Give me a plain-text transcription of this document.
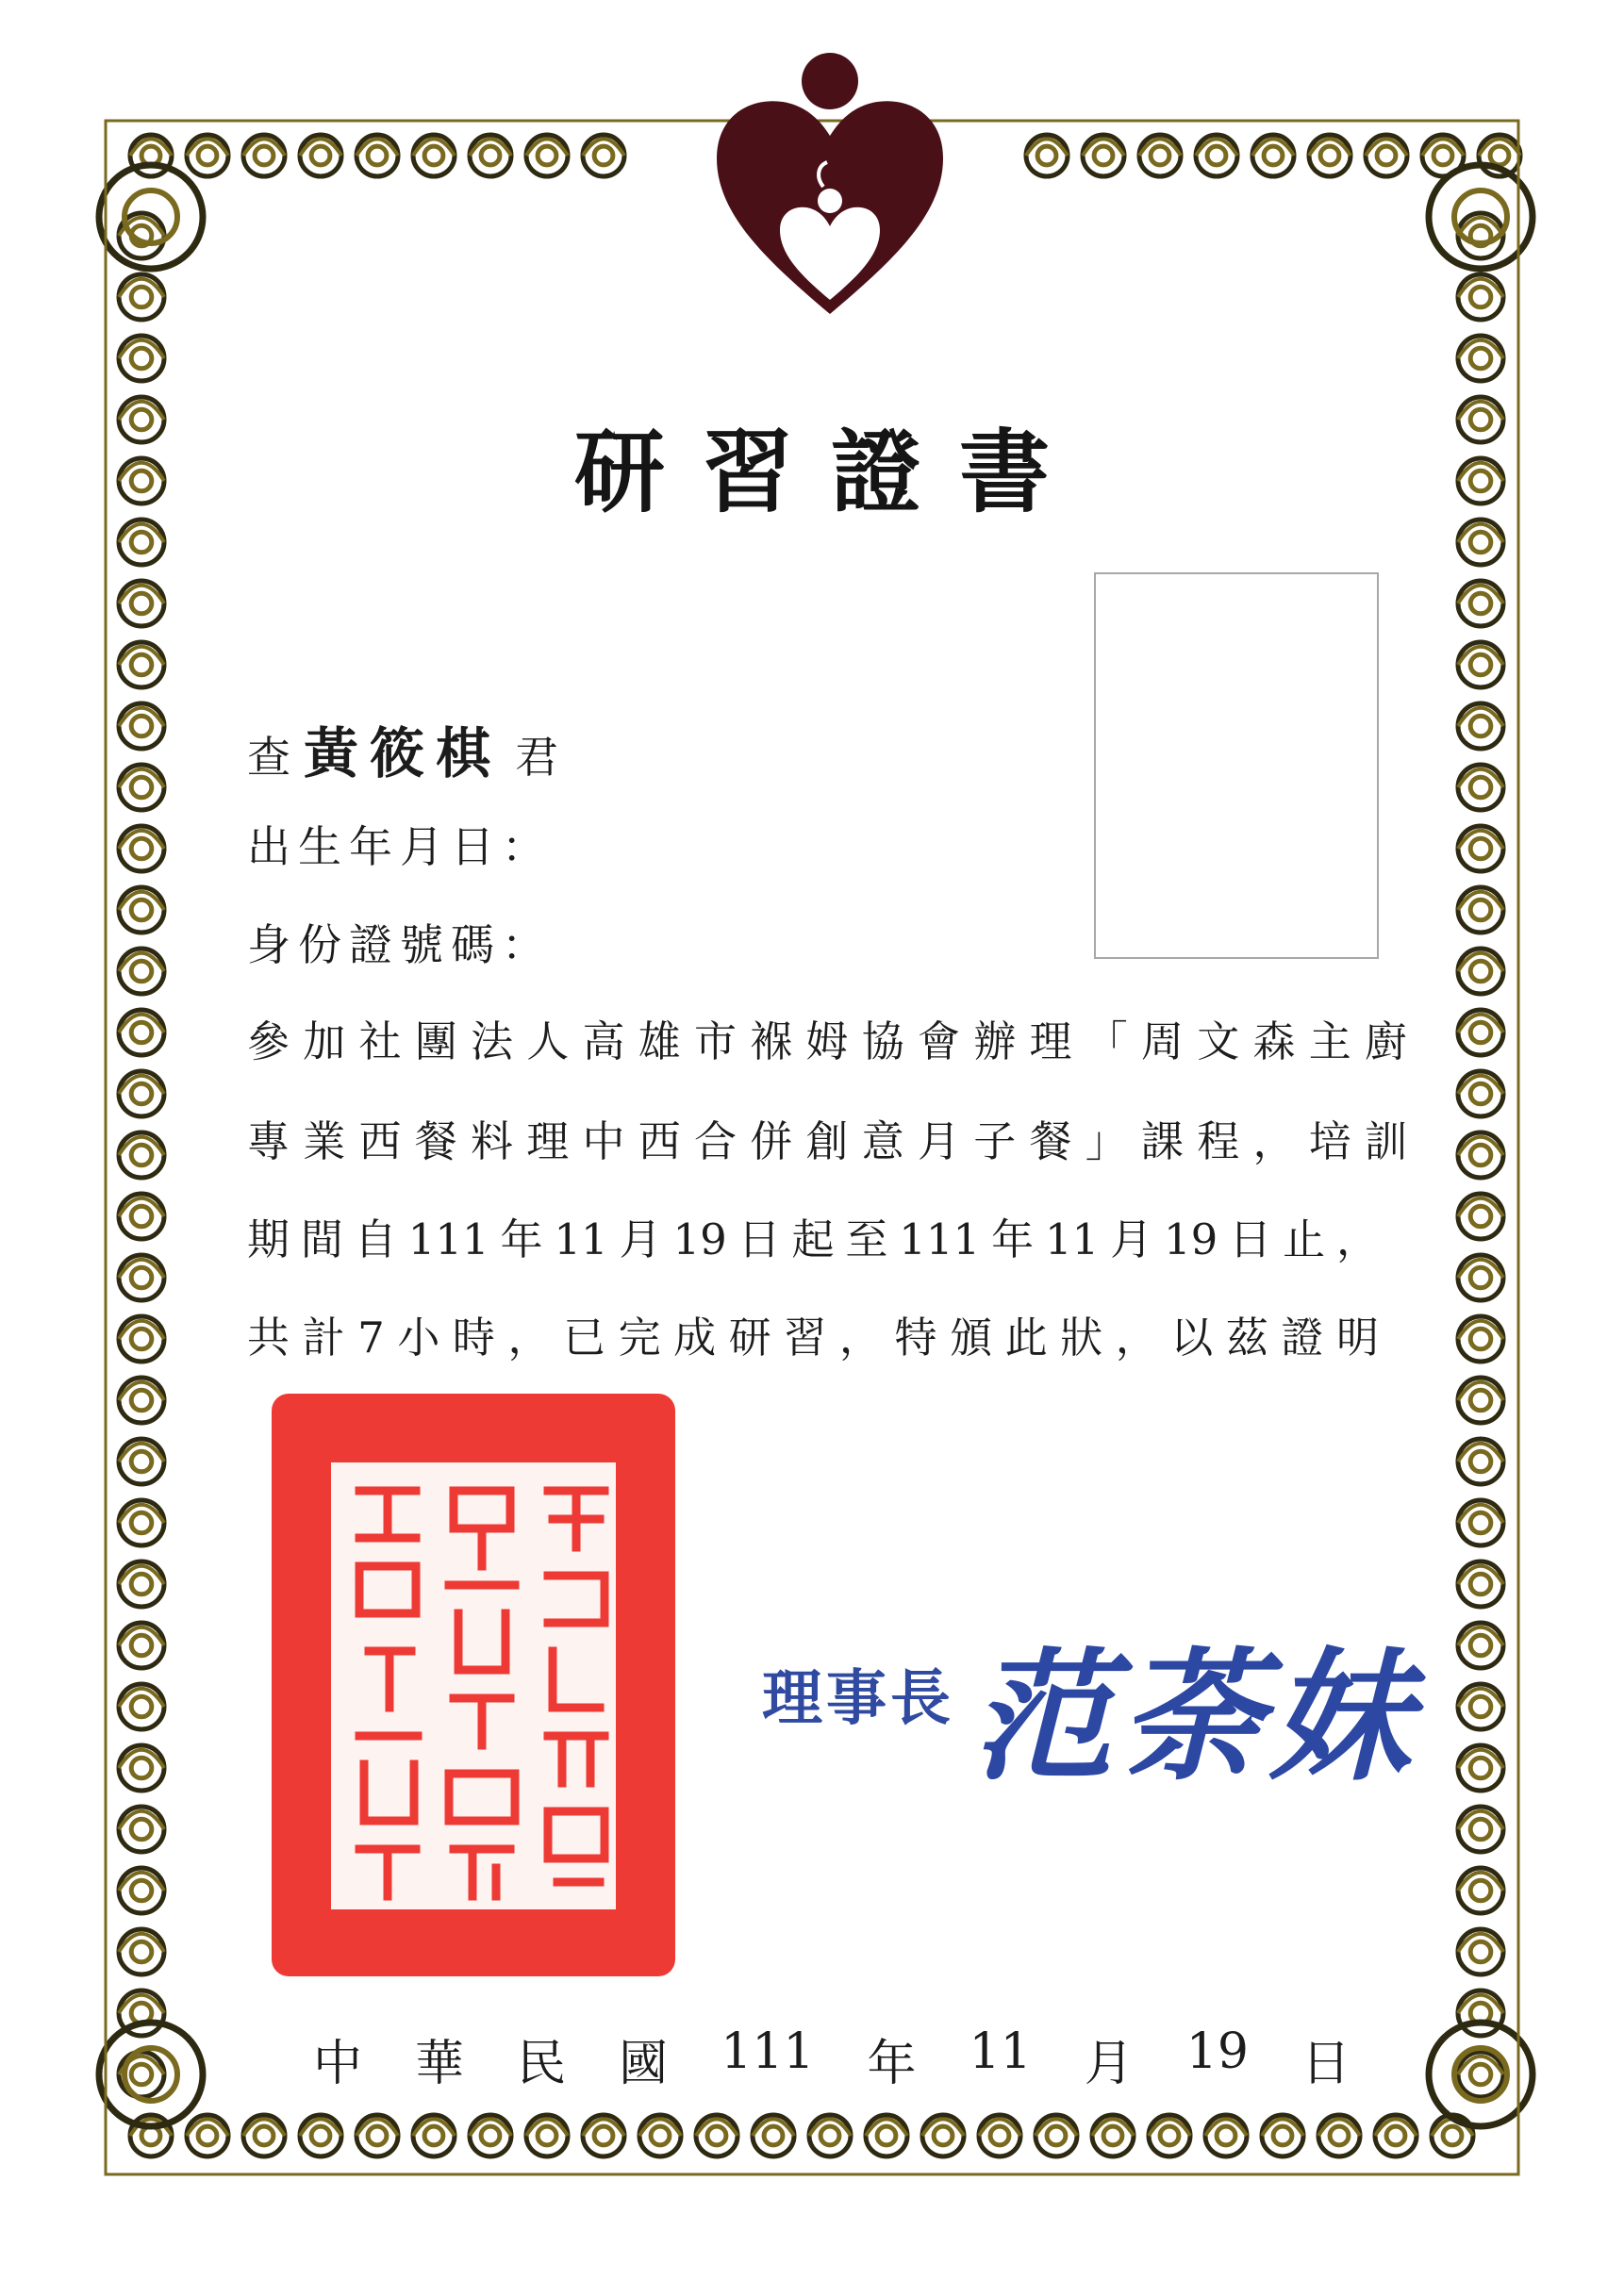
研習證書
查 黃筱棋 君
出生年月日：
身份證號碼：
參加社團法人高雄市褓姆協會辦理「周文森主廚
專業西餐料理中西合併創意月子餐」課程，培訓
期間自111年11月19日起至111年11月19日止，
共計7小時，已完成研習，特頒此狀，以茲證明
理事長 范荼妹
中 華 民 國 111 年 11 月 19 日
